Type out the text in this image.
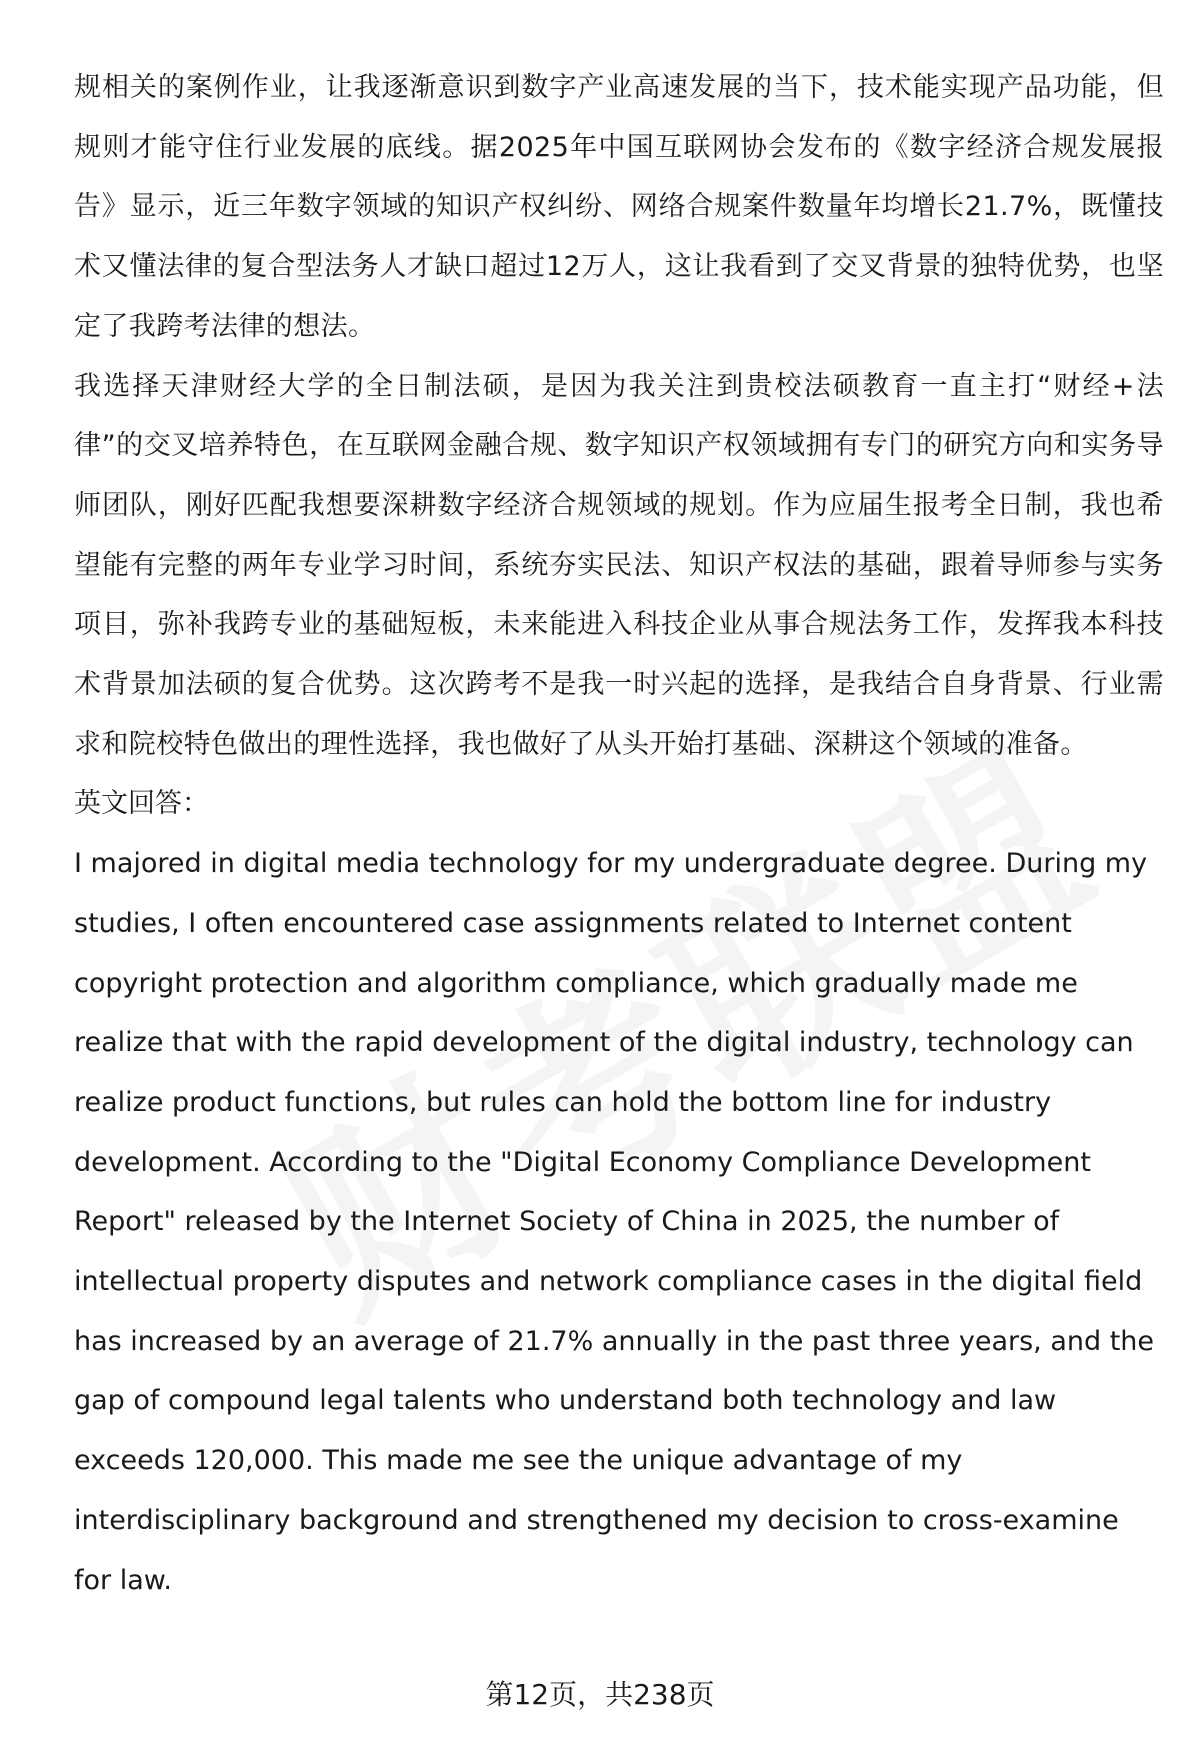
规相关的案例作业，让我逐渐意识到数字产业高速发展的当下，技术能实现产品功能，但规则才能守住行业发展的底线。据2025年中国互联网协会发布的《数字经济合规发展报告》显示，近三年数字领域的知识产权纠纷、网络合规案件数量年均增长21.7%，既懂技术又懂法律的复合型法务人才缺口超过12万人，这让我看到了交叉背景的独特优势，也坚定了我跨考法律的想法。

我选择天津财经大学的全日制法硕，是因为我关注到贵校法硕教育一直主打“财经+法律”的交叉培养特色，在互联网金融合规、数字知识产权领域拥有专门的研究方向和实务导师团队，刚好匹配我想要深耕数字经济合规领域的规划。作为应届生报考全日制，我也希望能有完整的两年专业学习时间，系统夯实民法、知识产权法的基础，跟着导师参与实务项目，弥补我跨专业的基础短板，未来能进入科技企业从事合规法务工作，发挥我本科技术背景加法硕的复合优势。这次跨考不是我一时兴起的选择，是我结合自身背景、行业需求和院校特色做出的理性选择，我也做好了从头开始打基础、深耕这个领域的准备。

英文回答：

I majored in digital media technology for my undergraduate degree. During my studies, I often encountered case assignments related to Internet content copyright protection and algorithm compliance, which gradually made me realize that with the rapid development of the digital industry, technology can realize product functions, but rules can hold the bottom line for industry development. According to the "Digital Economy Compliance Development Report" released by the Internet Society of China in 2025, the number of intellectual property disputes and network compliance cases in the digital field has increased by an average of 21.7% annually in the past three years, and the gap of compound legal talents who understand both technology and law exceeds 120,000. This made me see the unique advantage of my interdisciplinary background and strengthened my decision to cross-examine for law.

第12页，共238页
